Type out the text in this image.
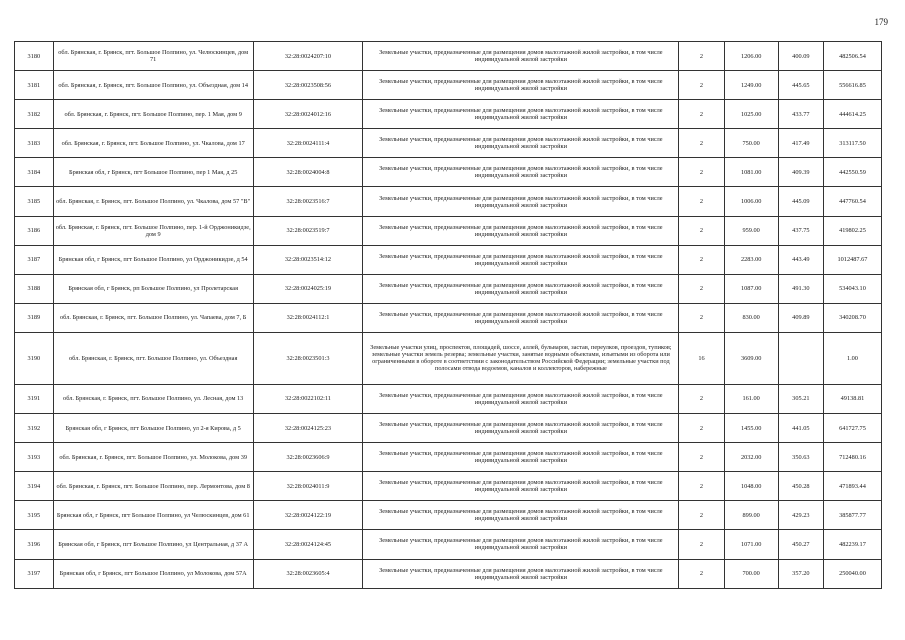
179
3180	обл. Брянская, г. Брянск, пгт. Большое Полпино, ул. Челюскинцев, дом 71	32:28:0024207:10	Земельные участки, предназначенные для размещения домов малоэтажной жилой застройки, в том числе индивидуальной жилой застройки	2	1206.00	400.09	482506.54
3181	обл. Брянская, г. Брянск, пгт. Большое Полпино, ул. Объездная, дом 14	32:28:0023508:56	Земельные участки, предназначенные для размещения домов малоэтажной жилой застройки, в том числе индивидуальной жилой застройки	2	1249.00	445.65	556616.85
3182	обл. Брянская, г. Брянск, пгт. Большое Полпино, пер. 1 Мая, дом 9	32:28:0024012:16	Земельные участки, предназначенные для размещения домов малоэтажной жилой застройки, в том числе индивидуальной жилой застройки	2	1025.00	433.77	444614.25
3183	обл. Брянская, г. Брянск, пгт. Большое Полпино, ул. Чкалова, дом 17	32:28:0024111:4	Земельные участки, предназначенные для размещения домов малоэтажной жилой застройки, в том числе индивидуальной жилой застройки	2	750.00	417.49	313117.50
3184	Брянская обл, г Брянск, пгт Большое Полпино, пер 1 Мая, д 25	32:28:0024004:8	Земельные участки, предназначенные для размещения домов малоэтажной жилой застройки, в том числе индивидуальной жилой застройки	2	1081.00	409.39	442550.59
3185	обл. Брянская, г. Брянск, пгт. Большое Полпино, ул. Чкалова, дом 57 "В"	32:28:0023516:7	Земельные участки, предназначенные для размещения домов малоэтажной жилой застройки, в том числе индивидуальной жилой застройки	2	1006.00	445.09	447760.54
3186	обл. Брянская, г. Брянск, пгт. Большое Полпино, пер. 1-й Орджоникидзе, дом 9	32:28:0023519:7	Земельные участки, предназначенные для размещения домов малоэтажной жилой застройки, в том числе индивидуальной жилой застройки	2	959.00	437.75	419802.25
3187	Брянская обл, г Брянск, пгт Большое Полпино, ул Орджоникидзе, д 54	32:28:0023514:12	Земельные участки, предназначенные для размещения домов малоэтажной жилой застройки, в том числе индивидуальной жилой застройки	2	2283.00	443.49	1012487.67
3188	Брянская обл, г Брянск, рп Большое Полпино, ул Пролетарская	32:28:0024025:19	Земельные участки, предназначенные для размещения домов малоэтажной жилой застройки, в том числе индивидуальной жилой застройки	2	1087.00	491.30	534043.10
3189	обл. Брянская, г. Брянск, пгт. Большое Полпино, ул. Чапаева, дом 7, Б	32:28:0024112:1	Земельные участки, предназначенные для размещения домов малоэтажной жилой застройки, в том числе индивидуальной жилой застройки	2	830.00	409.89	340208.70
3190	обл. Брянская, г. Брянск, пгт. Большое Полпино, ул. Объездная	32:28:0023501:3	Земельные участки улиц, проспектов, площадей, шоссе, аллей, бульваров, застав, переулков, проездов, тупиков; земельные участки земель резерва; земельные участки, занятые водными объектами, изъятыми из оборота или ограниченными в обороте в соответствии с законодательством Российской Федерации; земельные участки под полосами отвода водоемов, каналов и коллекторов, набережные	16	3609.00		1.00
3191	обл. Брянская, г. Брянск, пгт. Большое Полпино, ул. Лесная, дом 13	32:28:0022102:11	Земельные участки, предназначенные для размещения домов малоэтажной жилой застройки, в том числе индивидуальной жилой застройки	2	161.00	305.21	49138.81
3192	Брянская обл, г Брянск, пгт Большое Полпино, ул 2-я Кирова, д 5	32:28:0024125:23	Земельные участки, предназначенные для размещения домов малоэтажной жилой застройки, в том числе индивидуальной жилой застройки	2	1455.00	441.05	641727.75
3193	обл. Брянская, г. Брянск, пгт. Большое Полпино, ул. Молокова, дом 39	32:28:0023606:9	Земельные участки, предназначенные для размещения домов малоэтажной жилой застройки, в том числе индивидуальной жилой застройки	2	2032.00	350.63	712480.16
3194	обл. Брянская, г. Брянск, пгт. Большое Полпино, пер. Лермонтова, дом 8	32:28:0024011:9	Земельные участки, предназначенные для размещения домов малоэтажной жилой застройки, в том числе индивидуальной жилой застройки	2	1048.00	450.28	471893.44
3195	Брянская обл, г Брянск, пгт Большое Полпино, ул Челюскинцев, дом 61	32:28:0024122:19	Земельные участки, предназначенные для размещения домов малоэтажной жилой застройки, в том числе индивидуальной жилой застройки	2	899.00	429.23	385877.77
3196	Брянская обл, г Брянск, пгт Большое Полпино, ул Центральная, д 37 А	32:28:0024124:45	Земельные участки, предназначенные для размещения домов малоэтажной жилой застройки, в том числе индивидуальной жилой застройки	2	1071.00	450.27	482239.17
3197	Брянская обл, г Брянск, пгт Большое Полпино, ул Молокова, дом 57А	32:28:0023605:4	Земельные участки, предназначенные для размещения домов малоэтажной жилой застройки, в том числе индивидуальной жилой застройки	2	700.00	357.20	250040.00
